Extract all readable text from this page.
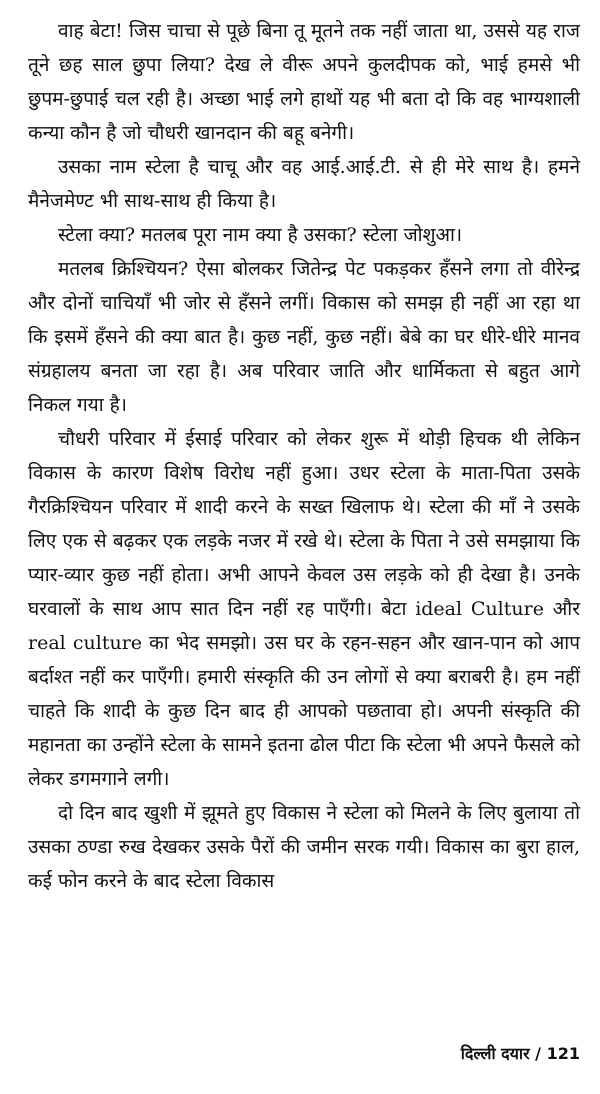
वाह बेटा! जिस चाचा से पूछे बिना तू मूतने तक नहीं जाता था, उससे यह राज तूने छह साल छुपा लिया? देख ले वीरू अपने कुलदीपक को, भाई हमसे भी छुपम-छुपाई चल रही है। अच्छा भाई लगे हाथों यह भी बता दो कि वह भाग्यशाली कन्या कौन है जो चौधरी खानदान की बहू बनेगी।

उसका नाम स्टेला है चाचू और वह आई.आई.टी. से ही मेरे साथ है। हमने मैनेजमेण्ट भी साथ-साथ ही किया है।

स्टेला क्या? मतलब पूरा नाम क्या है उसका? स्टेला जोशुआ।

मतलब क्रिश्चियन? ऐसा बोलकर जितेन्द्र पेट पकड़कर हँसने लगा तो वीरेन्द्र और दोनों चाचियाँ भी जोर से हँसने लगीं। विकास को समझ ही नहीं आ रहा था कि इसमें हँसने की क्या बात है। कुछ नहीं, कुछ नहीं। बेबे का घर धीरे-धीरे मानव संग्रहालय बनता जा रहा है। अब परिवार जाति और धार्मिकता से बहुत आगे निकल गया है।

चौधरी परिवार में ईसाई परिवार को लेकर शुरू में थोड़ी हिचक थी लेकिन विकास के कारण विशेष विरोध नहीं हुआ। उधर स्टेला के माता-पिता उसके गैरक्रिश्चियन परिवार में शादी करने के सख्त खिलाफ थे। स्टेला की माँ ने उसके लिए एक से बढ़कर एक लड़के नजर में रखे थे। स्टेला के पिता ने उसे समझाया कि प्यार-व्यार कुछ नहीं होता। अभी आपने केवल उस लड़के को ही देखा है। उनके घरवालों के साथ आप सात दिन नहीं रह पाएँगी। बेटा ideal Culture और real culture का भेद समझो। उस घर के रहन-सहन और खान-पान को आप बर्दाश्त नहीं कर पाएँगी। हमारी संस्कृति की उन लोगों से क्या बराबरी है। हम नहीं चाहते कि शादी के कुछ दिन बाद ही आपको पछतावा हो। अपनी संस्कृति की महानता का उन्होंने स्टेला के सामने इतना ढोल पीटा कि स्टेला भी अपने फैसले को लेकर डगमगाने लगी।

दो दिन बाद खुशी में झूमते हुए विकास ने स्टेला को मिलने के लिए बुलाया तो उसका ठण्डा रुख देखकर उसके पैरों की जमीन सरक गयी। विकास का बुरा हाल, कई फोन करने के बाद स्टेला विकास

दिल्ली दयार / 121
